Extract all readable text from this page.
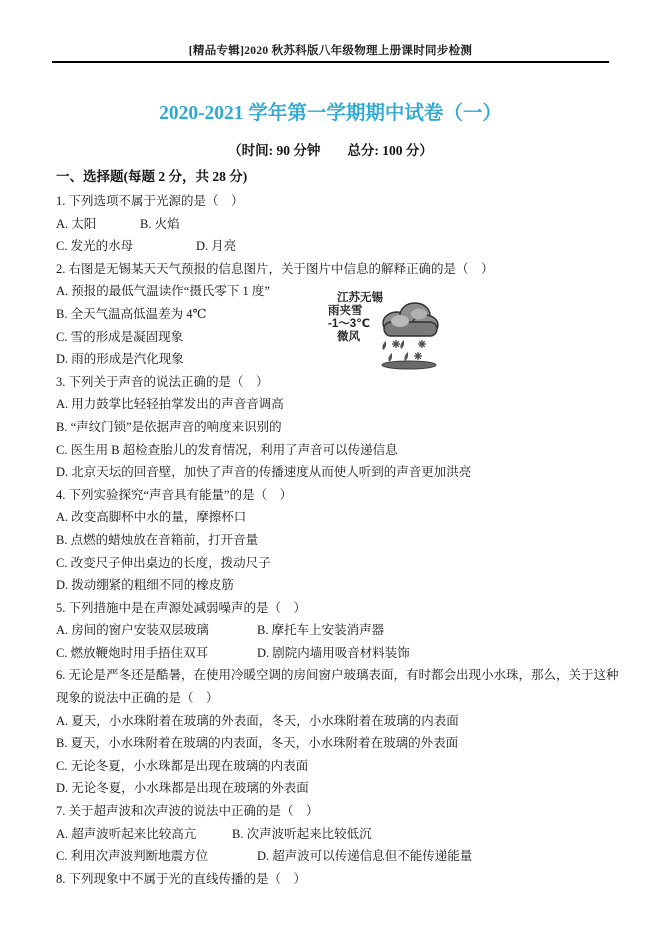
[精品专辑]2020 秋苏科版八年级物理上册课时同步检测
2020-2021 学年第一学期期中试卷（一）
（时间: 90 分钟　　总分: 100 分）
一、选择题(每题 2 分，共 28 分)
1. 下列选项不属于光源的是（　）
A. 太阳	B. 火焰
C. 发光的水母	D. 月亮
2. 右图是无锡某天天气预报的信息图片，关于图片中信息的解释正确的是（　）
A. 预报的最低气温读作“摄氏零下 1 度”
B. 全天气温高低温差为 4℃
C. 雪的形成是凝固现象
D. 雨的形成是汽化现象
3. 下列关于声音的说法正确的是（　）
A. 用力鼓掌比轻轻拍掌发出的声音音调高
B. “声纹门锁”是依据声音的响度来识别的
C. 医生用 B 超检查胎儿的发育情况，利用了声音可以传递信息
D. 北京天坛的回音壁，加快了声音的传播速度从而使人听到的声音更加洪亮
4. 下列实验探究“声音具有能量”的是（　）
A. 改变高脚杯中水的量，摩擦杯口
B. 点燃的蜡烛放在音箱前，打开音量
C. 改变尺子伸出桌边的长度，拨动尺子
D. 拨动绷紧的粗细不同的橡皮筋
5. 下列措施中是在声源处减弱噪声的是（　）
A. 房间的窗户安装双层玻璃	B. 摩托车上安装消声器
C. 燃放鞭炮时用手捂住双耳	D. 剧院内墙用吸音材料装饰
6. 无论是严冬还是酷暑，在使用冷暖空调的房间窗户玻璃表面，有时都会出现小水珠，那么，关于这种
现象的说法中正确的是（　）
A. 夏天，小水珠附着在玻璃的外表面，冬天，小水珠附着在玻璃的内表面
B. 夏天，小水珠附着在玻璃的内表面，冬天，小水珠附着在玻璃的外表面
C. 无论冬夏，小水珠都是出现在玻璃的内表面
D. 无论冬夏，小水珠都是出现在玻璃的外表面
7. 关于超声波和次声波的说法中正确的是（　）
A. 超声波听起来比较高亢	B. 次声波听起来比较低沉
C. 利用次声波判断地震方位	D. 超声波可以传递信息但不能传递能量
8. 下列现象中不属于光的直线传播的是（　）
江苏无锡
雨夹雪
-1～3℃
微风
